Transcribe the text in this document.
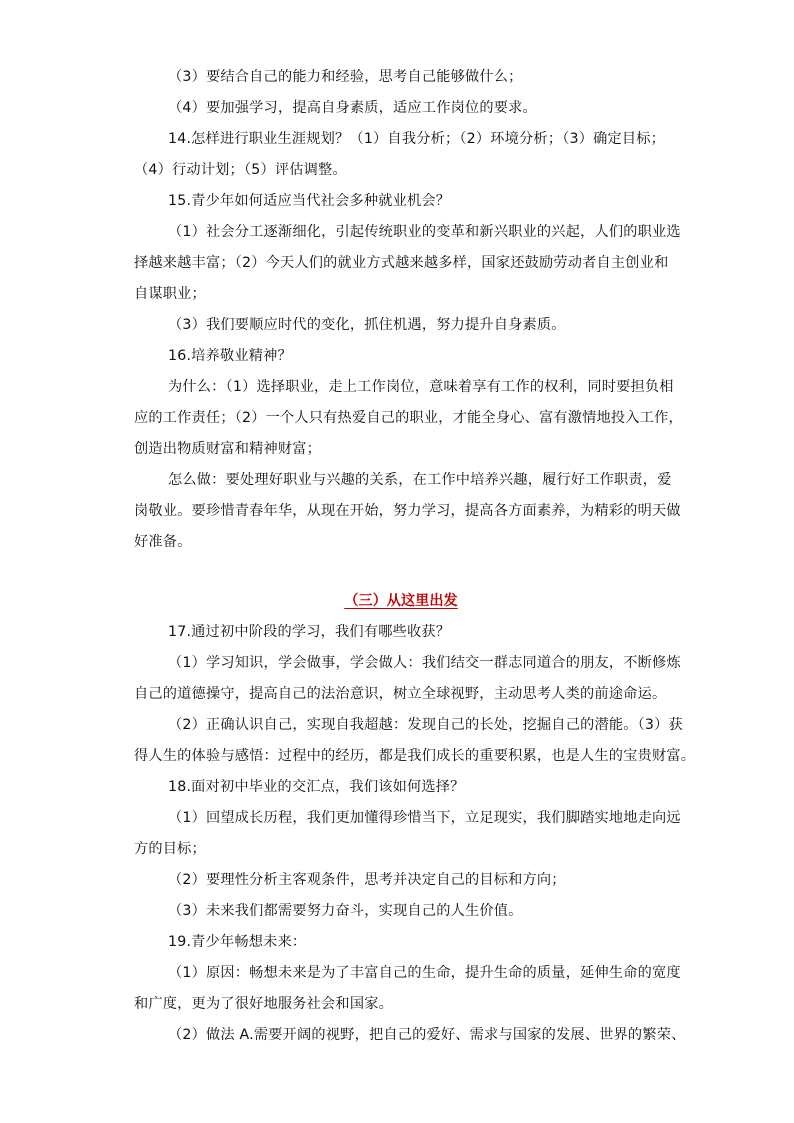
（3）要结合自己的能力和经验，思考自己能够做什么；
（4）要加强学习，提高自身素质，适应工作岗位的要求。
14.怎样进行职业生涯规划？（1）自我分析；（2）环境分析；（3）确定目标；
（4）行动计划；（5）评估调整。
15.青少年如何适应当代社会多种就业机会？
（1）社会分工逐渐细化，引起传统职业的变革和新兴职业的兴起，人们的职业选
择越来越丰富；（2）今天人们的就业方式越来越多样，国家还鼓励劳动者自主创业和
自谋职业；
（3）我们要顺应时代的变化，抓住机遇，努力提升自身素质。
16.培养敬业精神？
为什么：（1）选择职业，走上工作岗位，意味着享有工作的权利，同时要担负相
应的工作责任；（2）一个人只有热爱自己的职业，才能全身心、富有激情地投入工作，
创造出物质财富和精神财富；
怎么做：要处理好职业与兴趣的关系，在工作中培养兴趣，履行好工作职责，爱
岗敬业。要珍惜青春年华，从现在开始，努力学习，提高各方面素养，为精彩的明天做
好准备。
（三）从这里出发
17.通过初中阶段的学习，我们有哪些收获？
（1）学习知识，学会做事，学会做人：我们结交一群志同道合的朋友，不断修炼
自己的道德操守，提高自己的法治意识，树立全球视野，主动思考人类的前途命运。
（2）正确认识自己，实现自我超越：发现自己的长处，挖掘自己的潜能。（3）获
得人生的体验与感悟：过程中的经历，都是我们成长的重要积累，也是人生的宝贵财富。
18.面对初中毕业的交汇点，我们该如何选择？
（1）回望成长历程，我们更加懂得珍惜当下，立足现实，我们脚踏实地地走向远
方的目标；
（2）要理性分析主客观条件，思考并决定自己的目标和方向；
（3）未来我们都需要努力奋斗，实现自己的人生价值。
19.青少年畅想未来：
（1）原因：畅想未来是为了丰富自己的生命，提升生命的质量，延伸生命的宽度
和广度，更为了很好地服务社会和国家。
（2）做法 A.需要开阔的视野，把自己的爱好、需求与国家的发展、世界的繁荣、
